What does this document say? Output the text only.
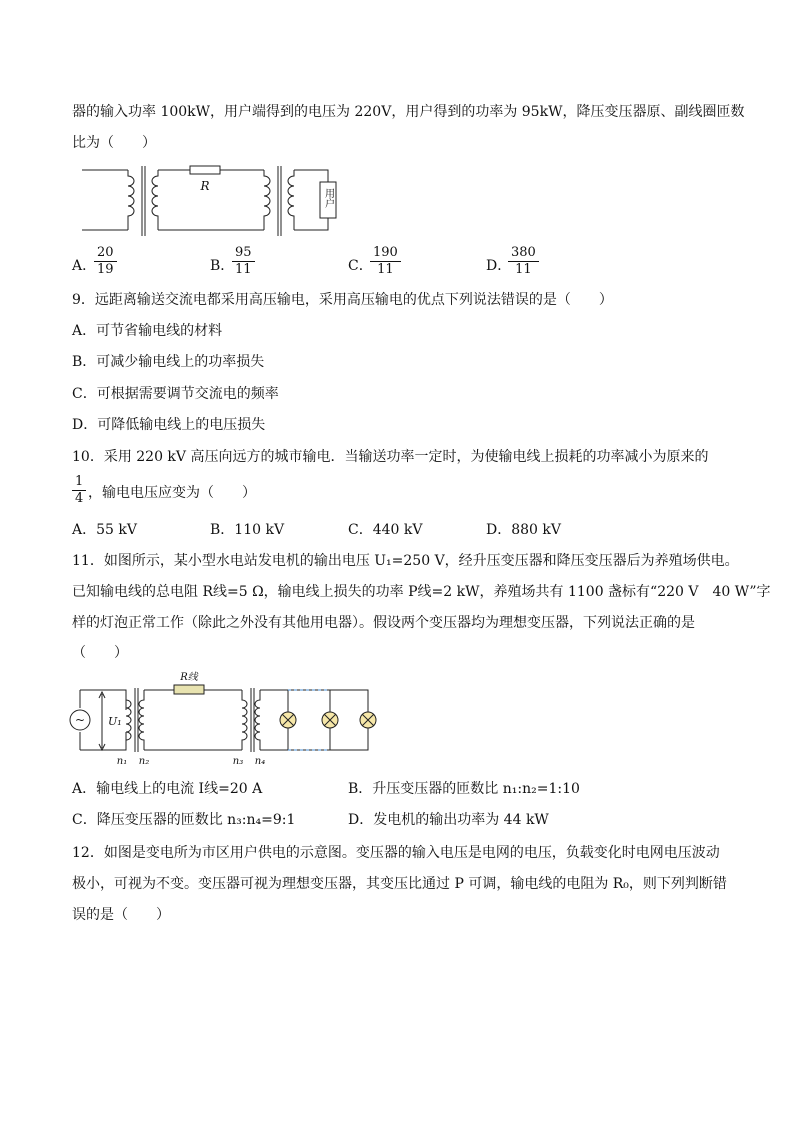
器的输入功率 100kW，用户端得到的电压为 220V，用户得到的功率为 95kW，降压变压器原、副线圈匝数
比为（　　）
R
用户
A．
$\frac{20}{19}$	B．
$\frac{95}{11}$	C．
$\frac{190}{11}$	D．
$\frac{380}{11}$
9．远距离输送交流电都采用高压输电，采用高压输电的优点下列说法错误的是（　　）
A．可节省输电线的材料
B．可减少输电线上的功率损失
C．可根据需要调节交流电的频率
D．可降低输电线上的电压损失
10．采用 220 kV 高压向远方的城市输电．当输送功率一定时，为使输电线上损耗的功率减小为原来的
$\frac{1}{4}$ ，输电电压应变为（　　）
A．55 kV	B．110 kV	C．440 kV	D．880 kV
11．如图所示，某小型水电站发电机的输出电压 U₁=250 V，经升压变压器和降压变压器后为养殖场供电。
已知输电线的总电阻 R线=5 Ω，输电线上损失的功率 P线=2 kW，养殖场共有 1100 盏标有“220 V　40 W”字
样的灯泡正常工作（除此之外没有其他用电器）。假设两个变压器均为理想变压器，下列说法正确的是
（　　）
~ U₁
R线
n₁ n₂	n₃ n₄
A．输电线上的电流 I线=20 A	B．升压变压器的匝数比 n₁:n₂=1:10
C．降压变压器的匝数比 n₃:n₄=9:1	D．发电机的输出功率为 44 kW
12．如图是变电所为市区用户供电的示意图。变压器的输入电压是电网的电压，负载变化时电网电压波动
极小，可视为不变。变压器可视为理想变压器，其变压比通过 P 可调，输电线的电阻为 R₀，则下列判断错
误的是（　　）
